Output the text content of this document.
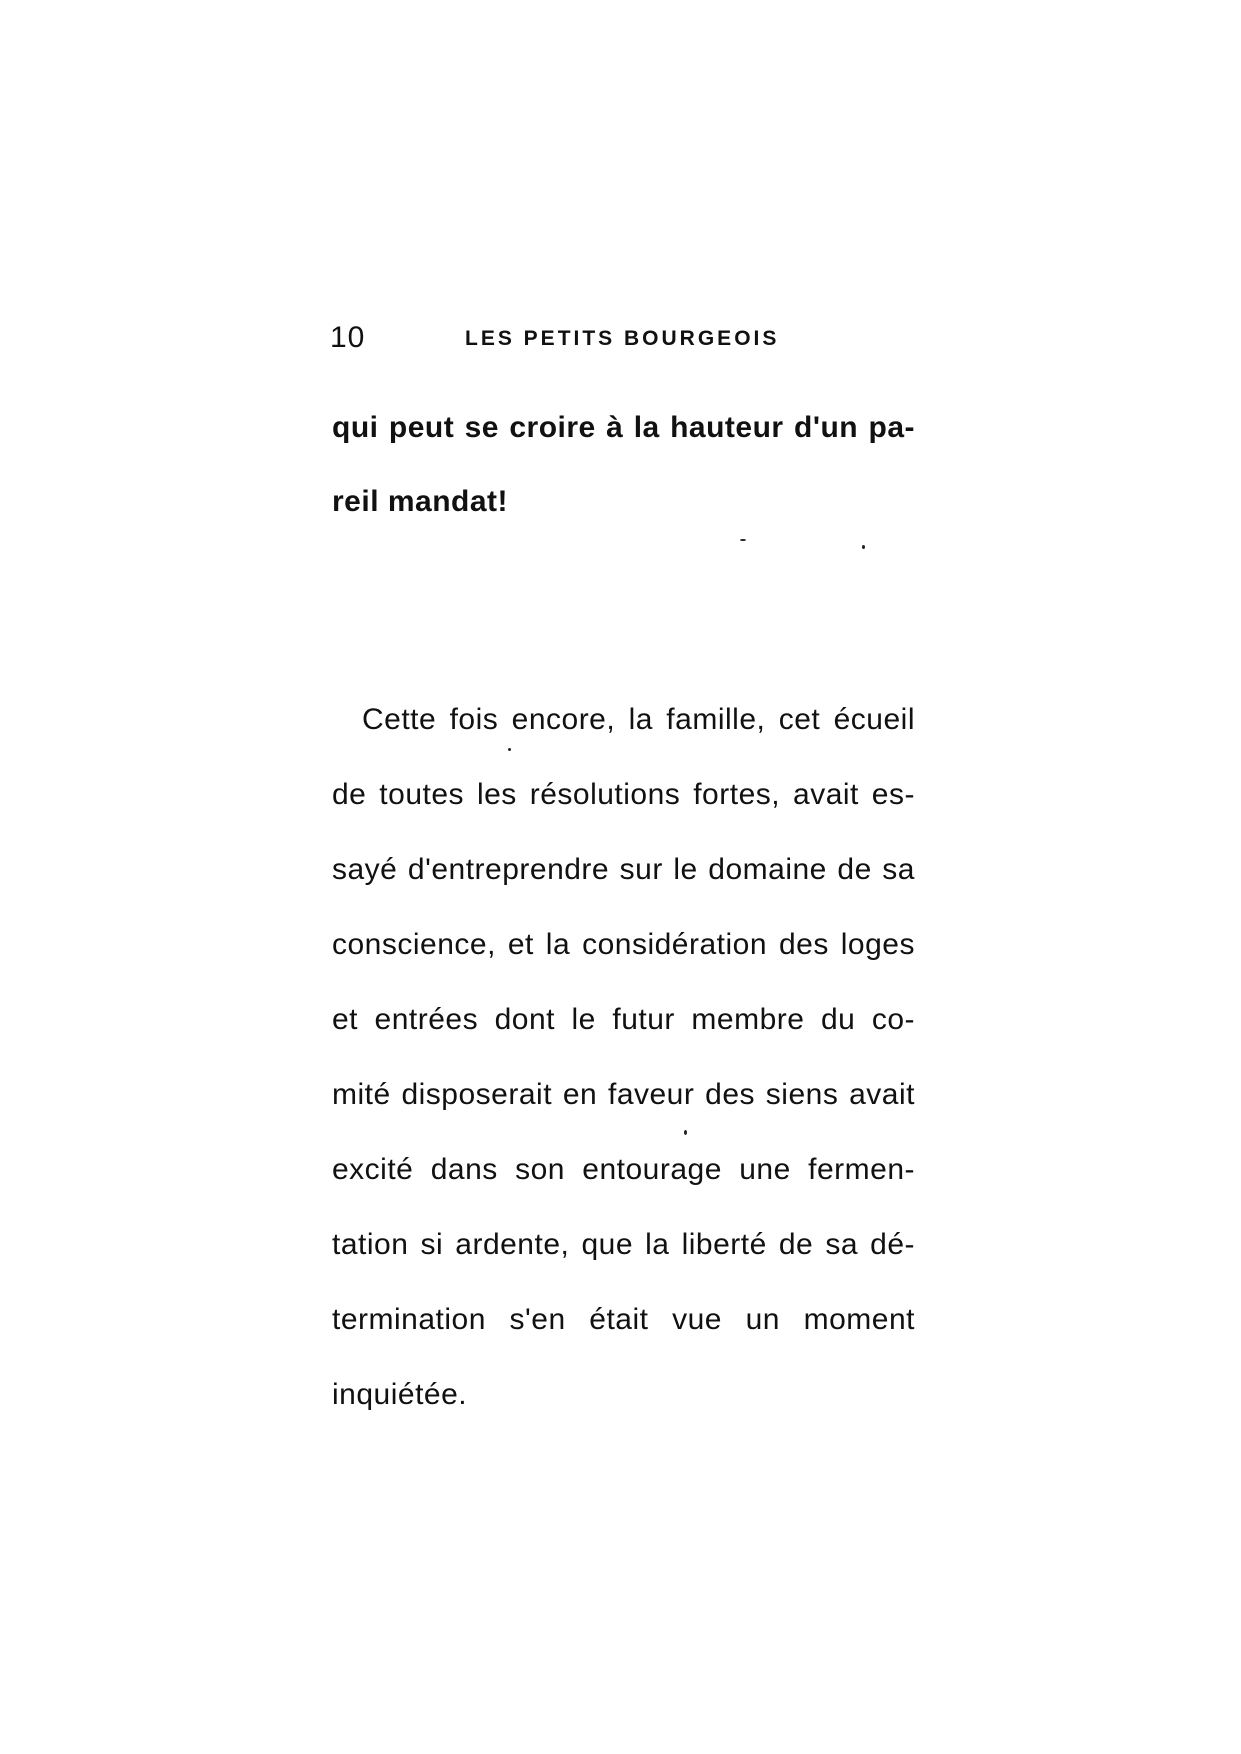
10	LES PETITS BOURGEOIS
qui peut se croire à la hauteur d'un pa-
reil mandat!
Cette fois encore, la famille, cet écueil
de toutes les résolutions fortes, avait es-
sayé d'entreprendre sur le domaine de sa
conscience, et la considération des loges
et entrées dont le futur membre du co-
mité disposerait en faveur des siens avait
excité dans son entourage une fermen-
tation si ardente, que la liberté de sa dé-
termination s'en était vue un moment
inquiétée.
